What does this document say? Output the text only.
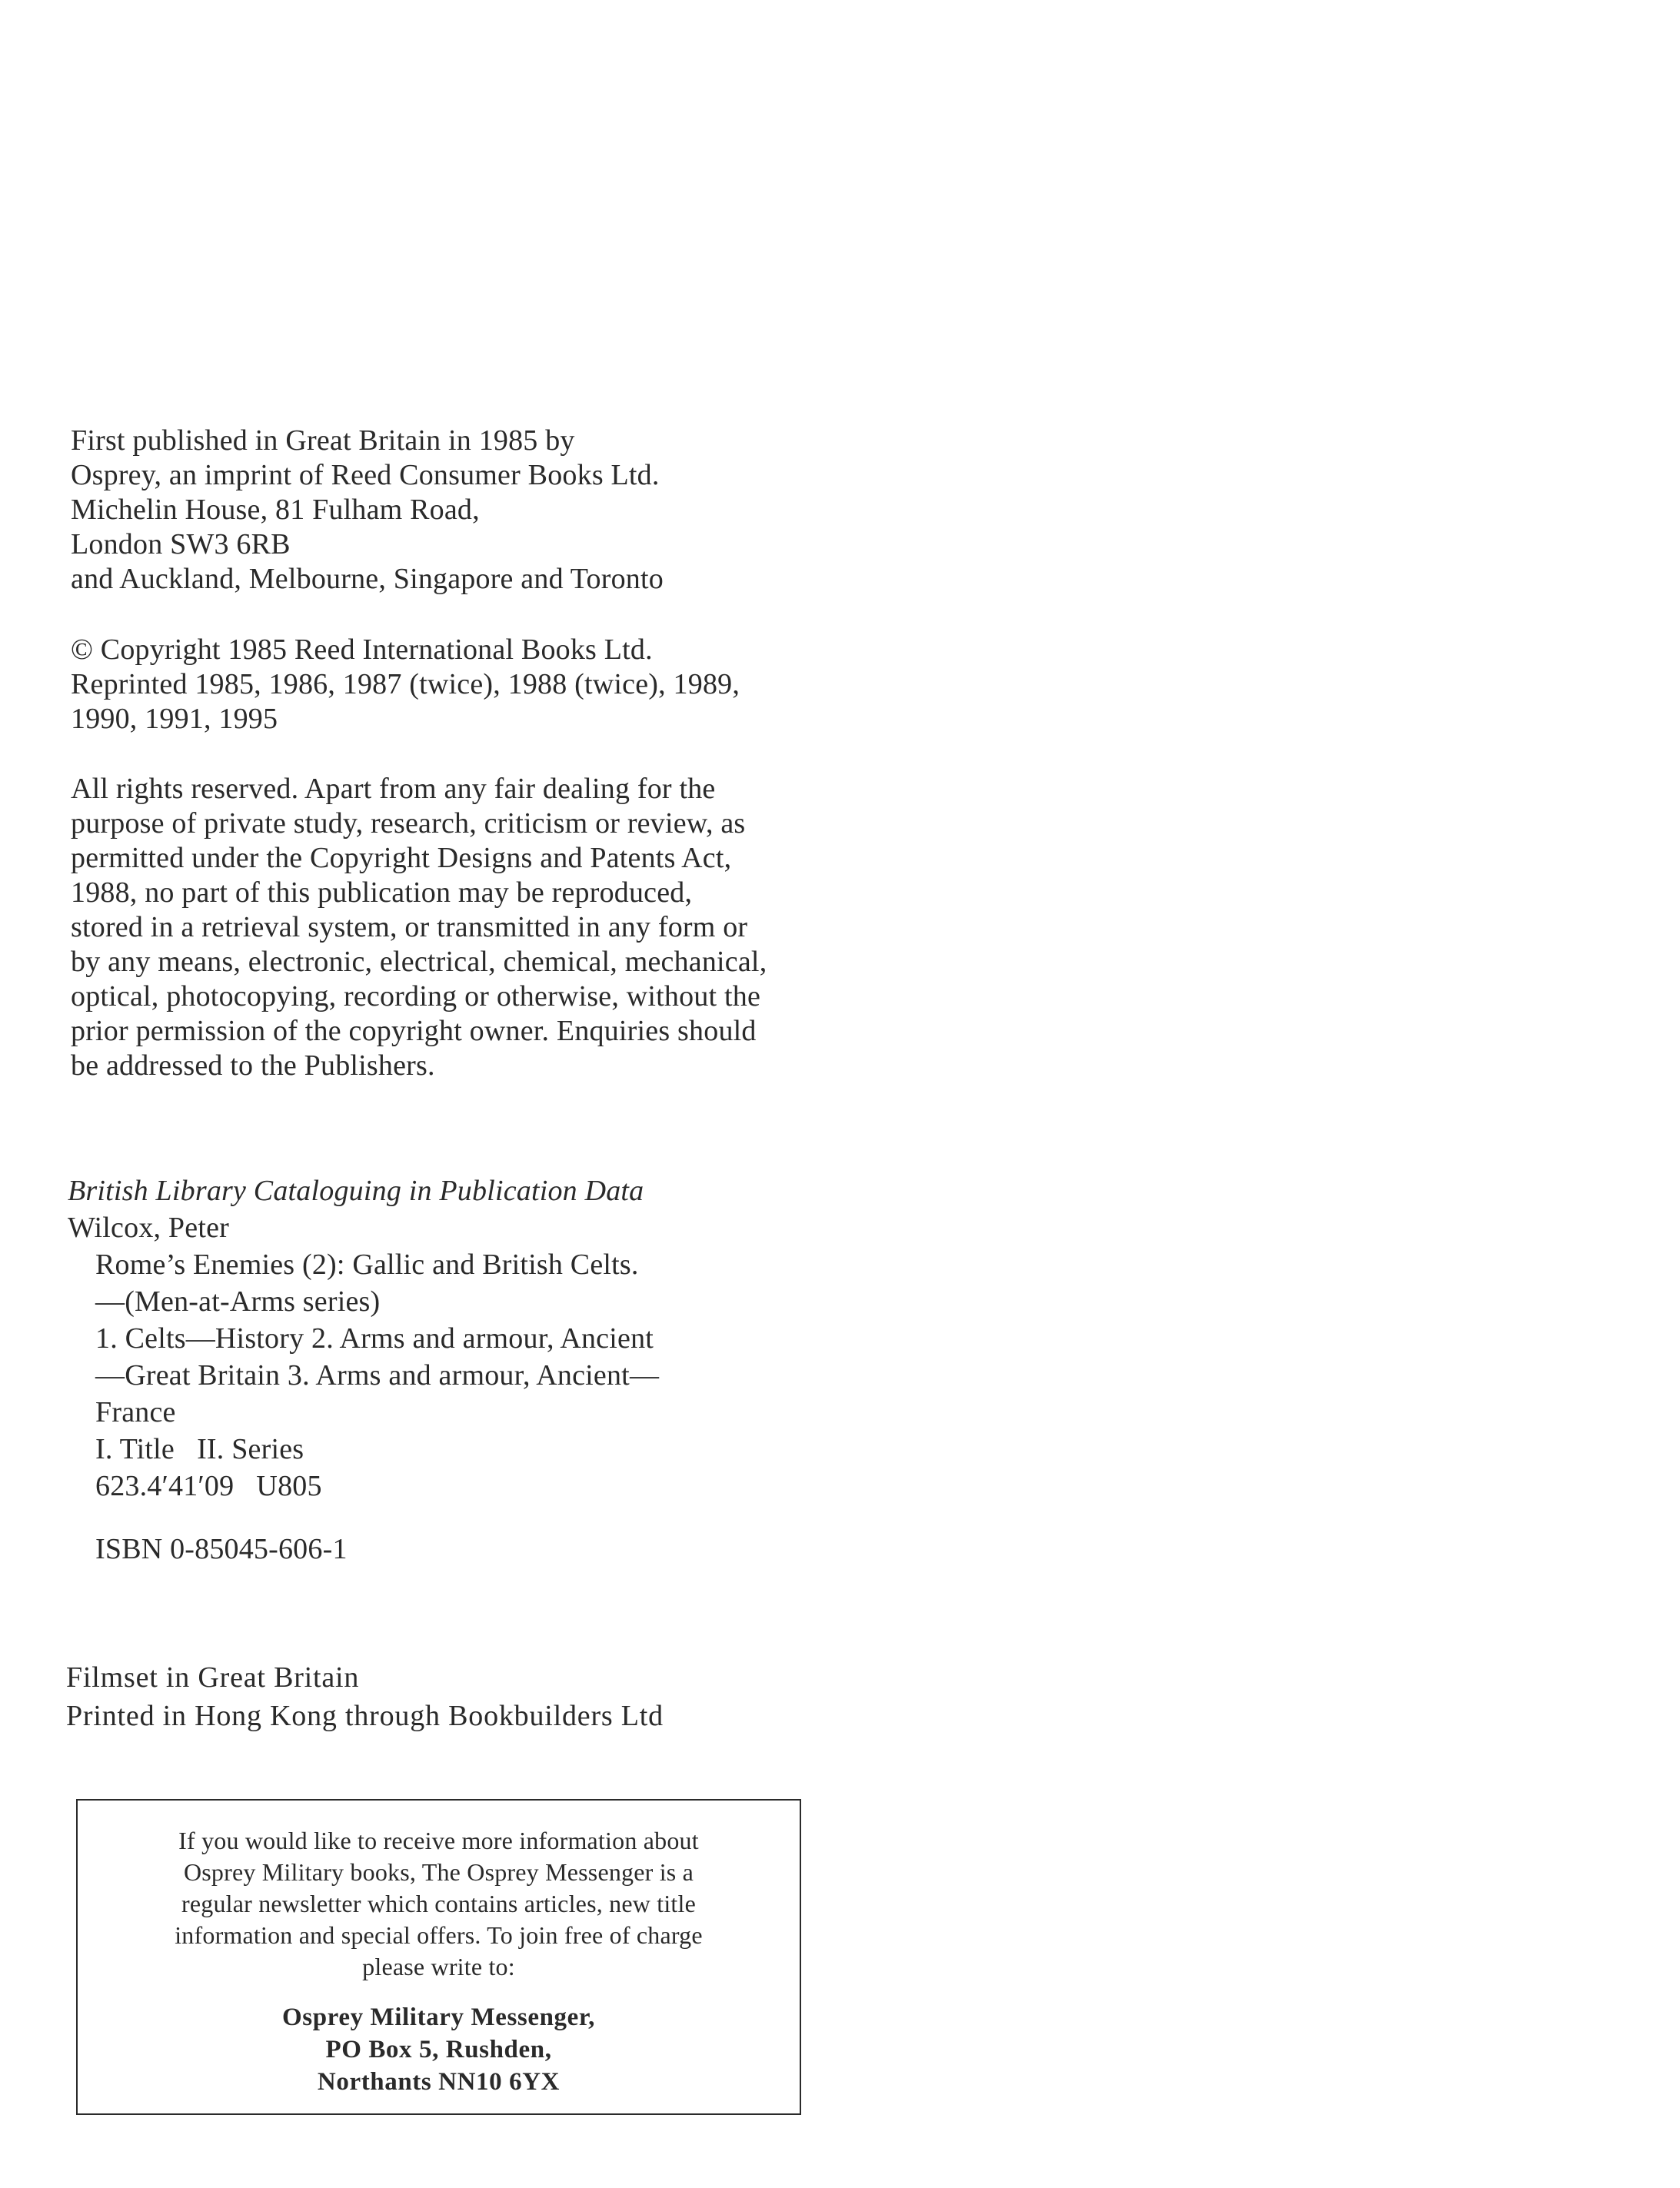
First published in Great Britain in 1985 by
Osprey, an imprint of Reed Consumer Books Ltd.
Michelin House, 81 Fulham Road,
London SW3 6RB
and Auckland, Melbourne, Singapore and Toronto
© Copyright 1985 Reed International Books Ltd.
Reprinted 1985, 1986, 1987 (twice), 1988 (twice), 1989,
1990, 1991, 1995
All rights reserved. Apart from any fair dealing for the
purpose of private study, research, criticism or review, as
permitted under the Copyright Designs and Patents Act,
1988, no part of this publication may be reproduced,
stored in a retrieval system, or transmitted in any form or
by any means, electronic, electrical, chemical, mechanical,
optical, photocopying, recording or otherwise, without the
prior permission of the copyright owner. Enquiries should
be addressed to the Publishers.
British Library Cataloguing in Publication Data
Wilcox, Peter
Rome’s Enemies (2): Gallic and British Celts.
—(Men-at-Arms series)
1. Celts—History 2. Arms and armour, Ancient
—Great Britain 3. Arms and armour, Ancient—
France
I. Title   II. Series
623.4′41′09   U805
ISBN 0-85045-606-1
Filmset in Great Britain
Printed in Hong Kong through Bookbuilders Ltd
If you would like to receive more information about
Osprey Military books, The Osprey Messenger is a
regular newsletter which contains articles, new title
information and special offers. To join free of charge
please write to:
Osprey Military Messenger,
PO Box 5, Rushden,
Northants NN10 6YX
